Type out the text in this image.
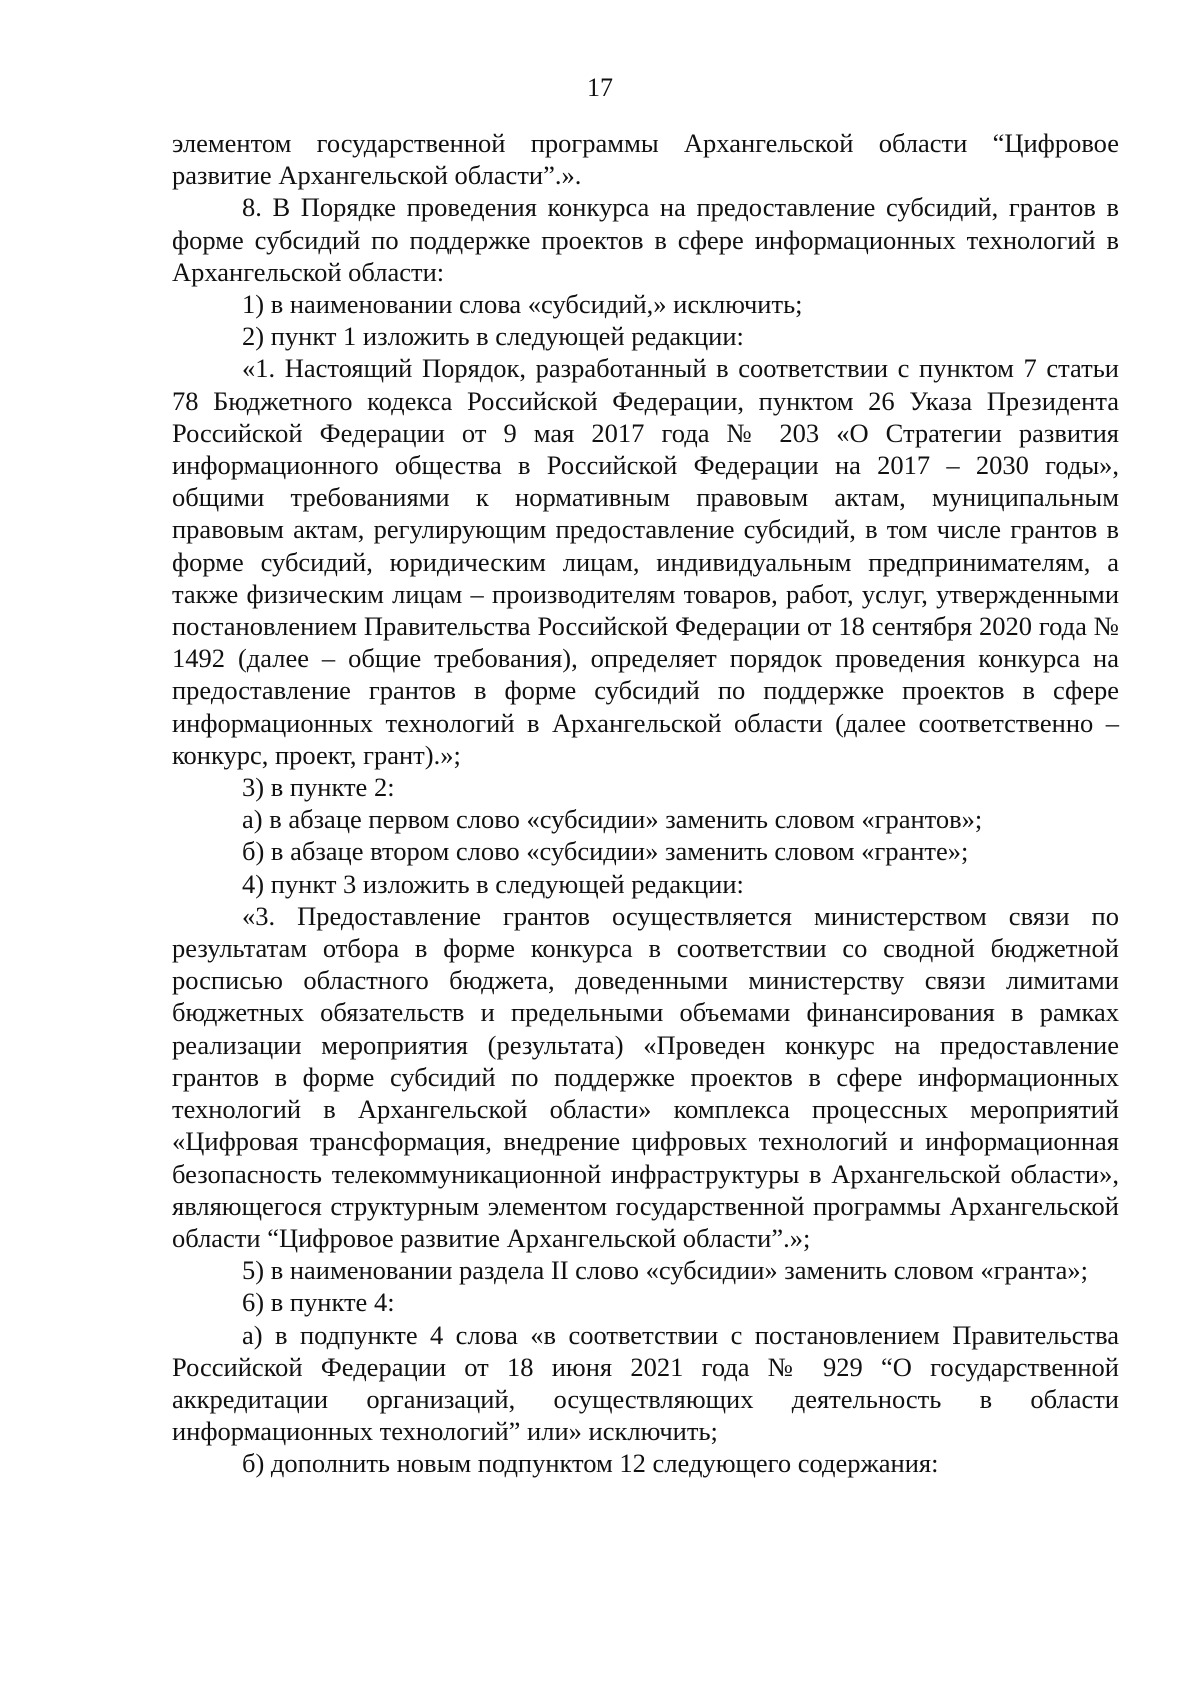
17

элементом государственной программы Архангельской области “Цифровое развитие Архангельской области”.».

8. В Порядке проведения конкурса на предоставление субсидий, грантов в форме субсидий по поддержке проектов в сфере информационных технологий в Архангельской области:

1) в наименовании слова «субсидий,» исключить;

2) пункт 1 изложить в следующей редакции:

«1. Настоящий Порядок, разработанный в соответствии с пунктом 7 статьи 78 Бюджетного кодекса Российской Федерации, пунктом 26 Указа Президента Российской Федерации от 9 мая 2017 года № 203 «О Стратегии развития информационного общества в Российской Федерации на 2017 – 2030 годы», общими требованиями к нормативным правовым актам, муниципальным правовым актам, регулирующим предоставление субсидий, в том числе грантов в форме субсидий, юридическим лицам, индивидуальным предпринимателям, а также физическим лицам – производителям товаров, работ, услуг, утвержденными постановлением Правительства Российской Федерации от 18 сентября 2020 года № 1492 (далее – общие требования), определяет порядок проведения конкурса на предоставление грантов в форме субсидий по поддержке проектов в сфере информационных технологий в Архангельской области (далее соответственно – конкурс, проект, грант).»;

3) в пункте 2:

а) в абзаце первом слово «субсидии» заменить словом «грантов»;

б) в абзаце втором слово «субсидии» заменить словом «гранте»;

4) пункт 3 изложить в следующей редакции:

«3. Предоставление грантов осуществляется министерством связи по результатам отбора в форме конкурса в соответствии со сводной бюджетной росписью областного бюджета, доведенными министерству связи лимитами бюджетных обязательств и предельными объемами финансирования в рамках реализации мероприятия (результата) «Проведен конкурс на предоставление грантов в форме субсидий по поддержке проектов в сфере информационных технологий в Архангельской области» комплекса процессных мероприятий «Цифровая трансформация, внедрение цифровых технологий и информационная безопасность телекоммуникационной инфраструктуры в Архангельской области», являющегося структурным элементом государственной программы Архангельской области “Цифровое развитие Архангельской области”.»;

5) в наименовании раздела II слово «субсидии» заменить словом «гранта»;

6) в пункте 4:

а) в подпункте 4 слова «в соответствии с постановлением Правительства Российской Федерации от 18 июня 2021 года № 929 “О государственной аккредитации организаций, осуществляющих деятельность в области информационных технологий” или» исключить;

б) дополнить новым подпунктом 12 следующего содержания:
